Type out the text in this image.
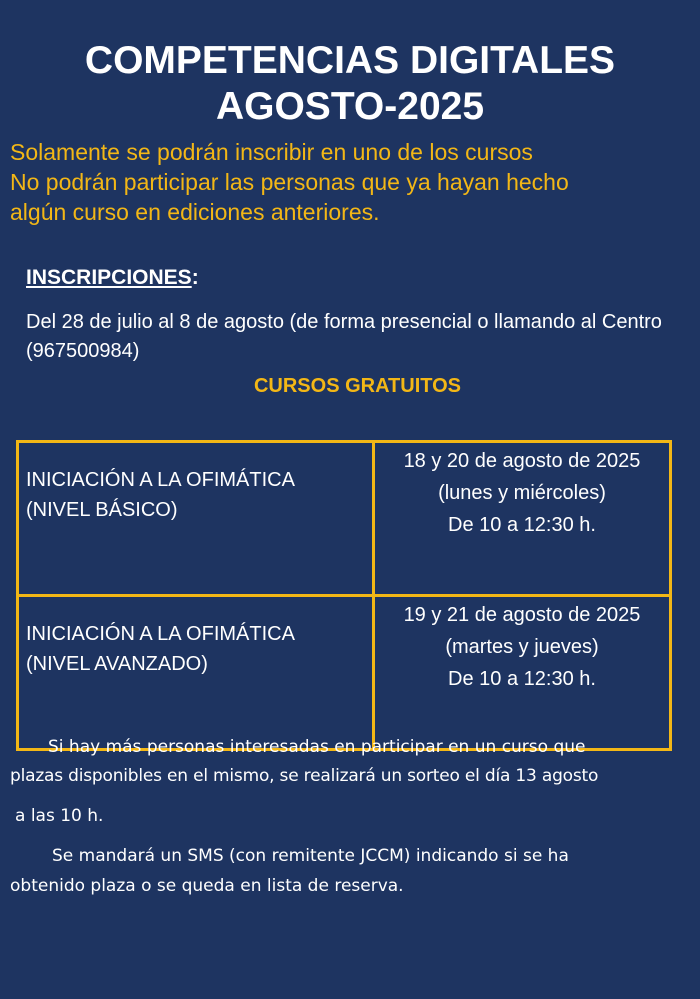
COMPETENCIAS DIGITALES
AGOSTO-2025
Solamente se podrán inscribir en uno de los cursos
No podrán participar las personas que ya hayan hecho
algún curso en ediciones anteriores.
INSCRIPCIONES:
Del 28 de julio al 8 de agosto (de forma presencial o llamando al Centro (967500984)
CURSOS GRATUITOS
INICIACIÓN A LA OFIMÁTICA
(NIVEL BÁSICO)	18 y 20 de agosto de 2025
(lunes y miércoles)
De 10 a 12:30 h.

INICIACIÓN A LA OFIMÁTICA
(NIVEL AVANZADO)	19 y 21 de agosto de 2025
(martes y jueves)
De 10 a 12:30 h.
Si hay más personas interesadas en participar en un curso que
plazas disponibles en el mismo, se realizará un sorteo el día 13 agosto
a las 10 h.
Se mandará un SMS (con remitente JCCM) indicando si se ha
obtenido plaza o se queda en lista de reserva.
